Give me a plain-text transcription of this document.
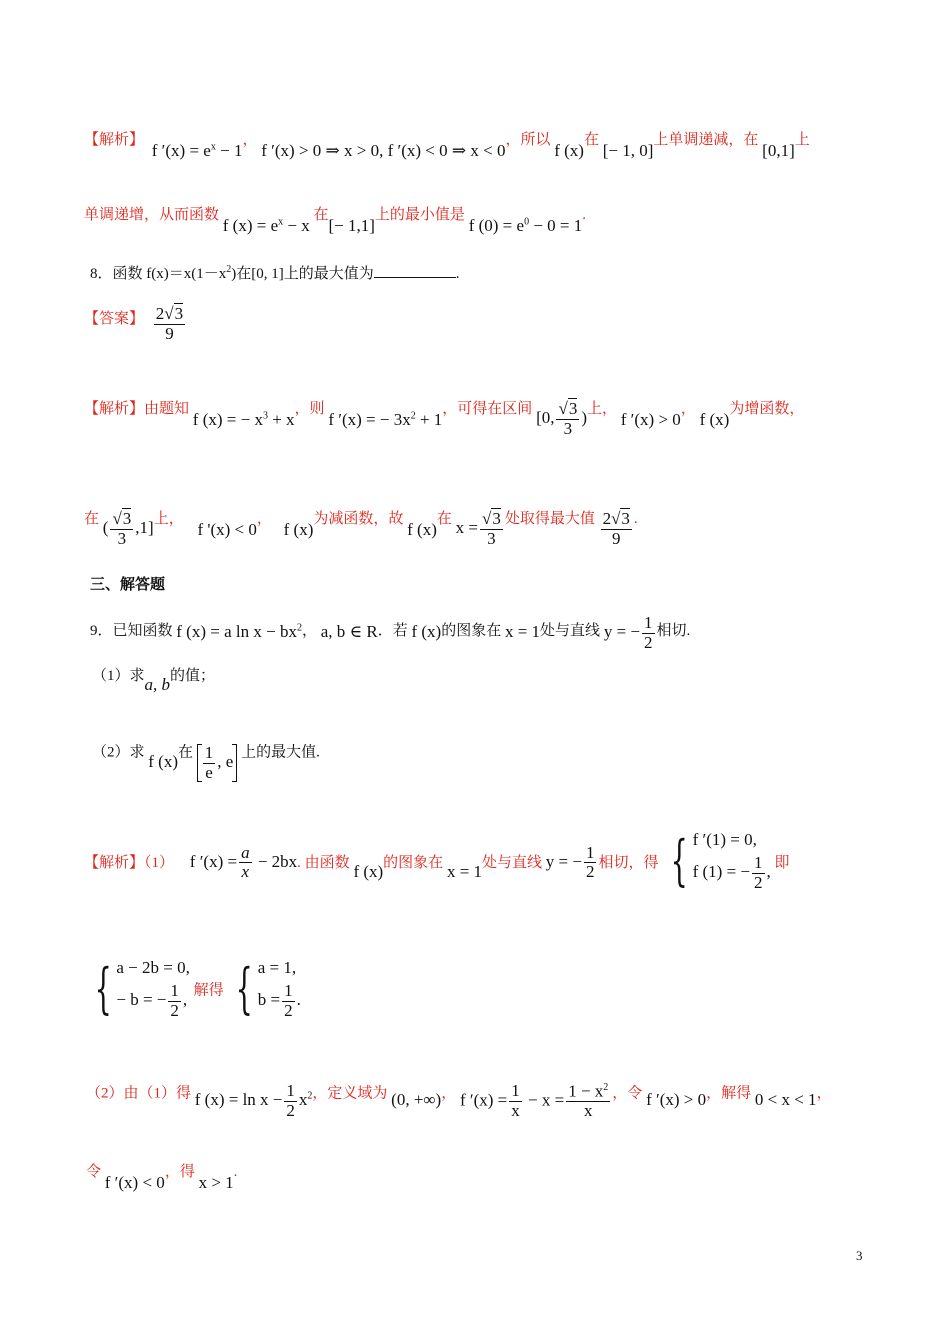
【解析】 f $'(x) = e^x - 1$， f ′(x) > 0 ⇒ x > 0, f ′(x) < 0 ⇒ x < 0，所以 f (x)在 [− 1, 0]上单调递减，在 [0,1]上
单调递增，从而函数 f $(x) = e^x - x$ 在[− 1,1]上的最小值是 f $(0) = e^0 - 0 = 1$.
8．函数 $f(x)=x(1-x^2)$在[0, 1]上的最大值为	.
【答案】 $\frac{2√3}{9}$
【解析】由题知 f (x) = − $x^3 + x$，则 f ′(x) = − $3x^2 + 1$，可得在区间 [0, $\frac{√3}{3}$ )上， f ′(x) > 0， f (x)为增函数，
在 ( $\frac{√3}{3} ,1$]上， f '(x) < 0， f (x)为减函数，故 f (x)在 $x = \frac{√3}{3}$ 处取得最大值 $\frac{2√3}{9}$ .
三、解答题
9．已知函数 f (x) = a $\ln x - bx^2$， a, b ∈ R．若 f (x)的图象在 x = 1处与直线 y = − $\frac{1}{2}$ 相切.
（1）求a, b的值；
（2）求 f (x)在 $\frac{1}{e}$ , e 上的最大值.
【解析】（1） f $'(x) = \frac{a}{x} - 2bx$. 由函数 f (x)的图象在 x = 1处与直线 y = − $\frac{1}{2}$ 相切，得 { f ′(1) = 0,
f (1) = − $\frac{1}{2}$ , 即
{ a − 2b = 0,
− b = − $\frac{1}{2}$ , 解得 { a = 1,
$b = \frac{1}{2}$ .
（2）由（1）得 f $(x) = \ln x - \frac{1}{2} x^2$，定义域为 (0, +∞)， f $'(x) = \frac{1}{x} - x = \frac{1 - x^2}{x}$ ，令 f ′(x) > 0，解得 0 < x < 1，
令 f ′(x) < 0，得 x > 1.
3
